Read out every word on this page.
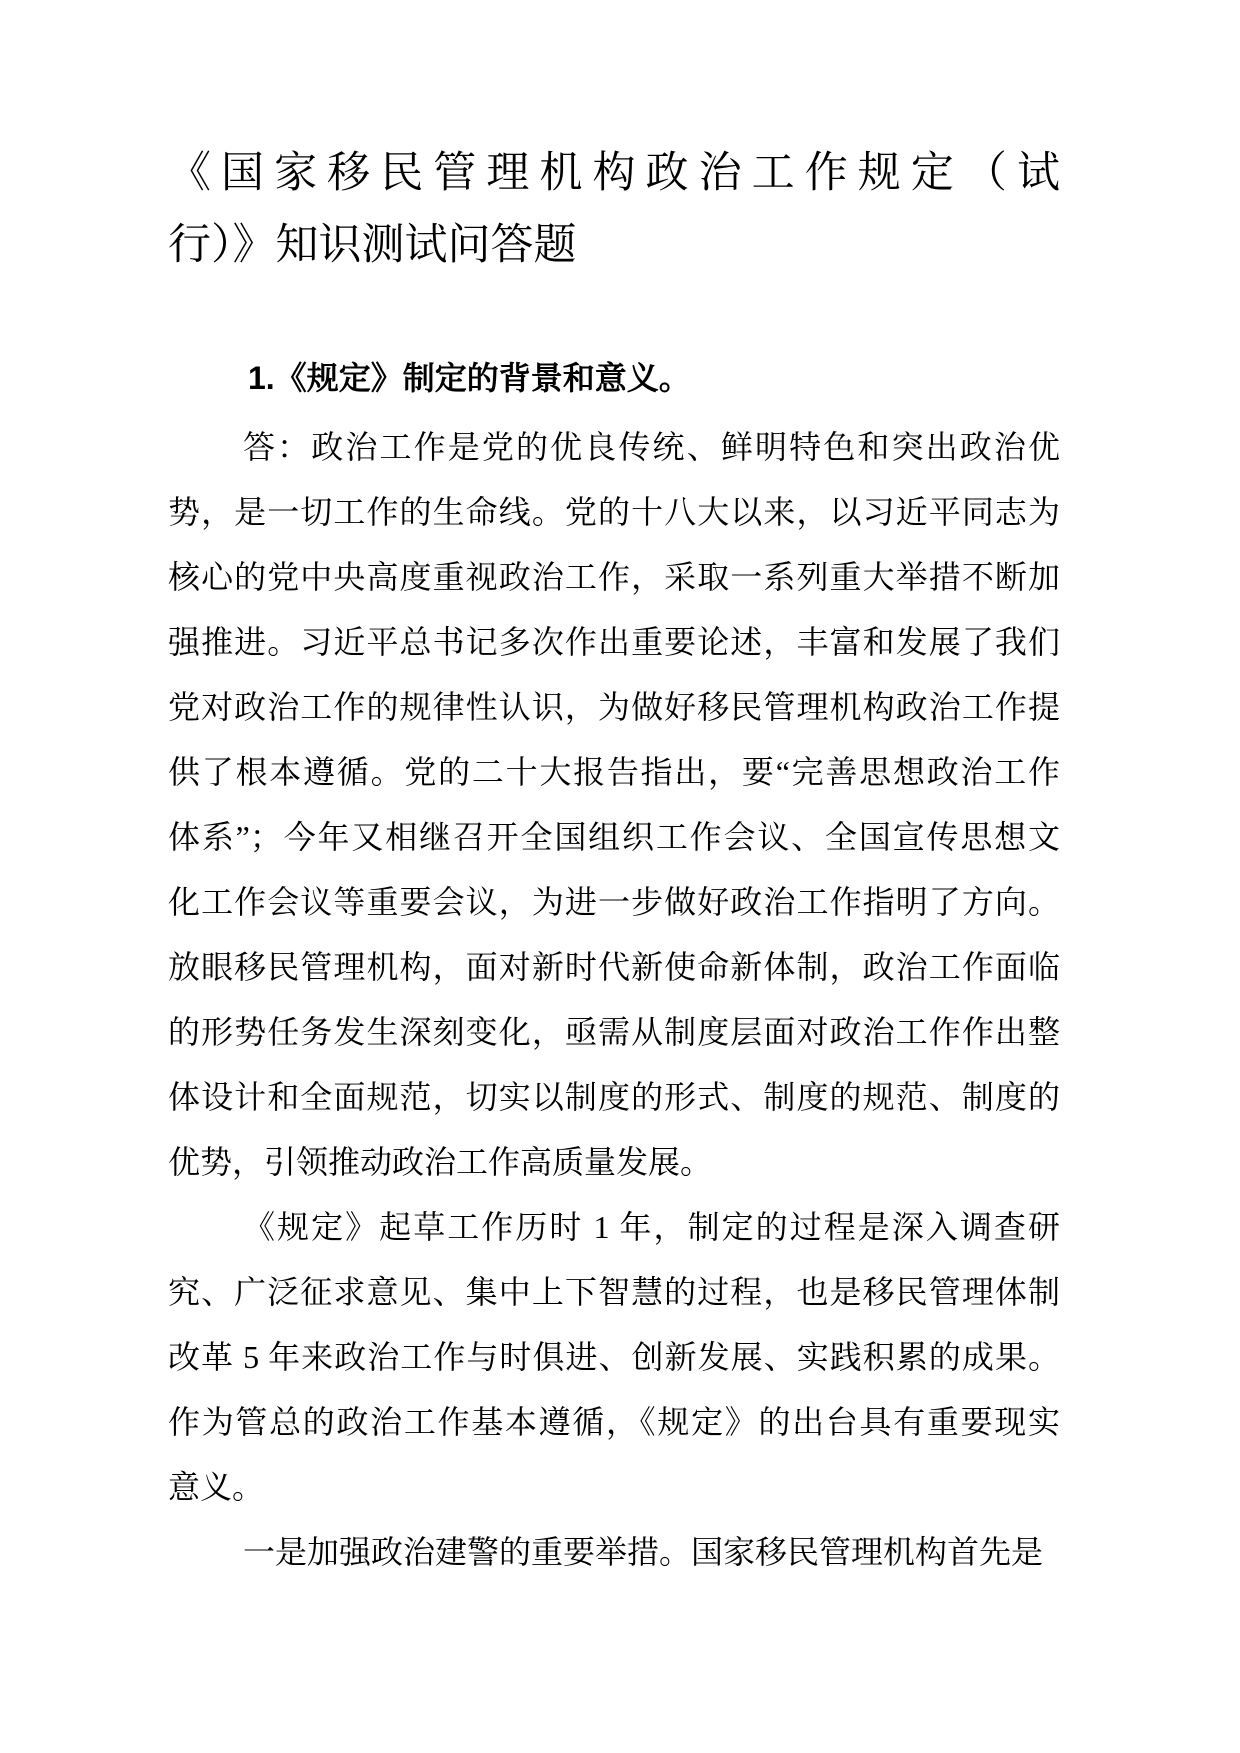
《国家移民管理机构政治工作规定（试
行）》知识测试问答题
1.《规定》制定的背景和意义。
答：政治工作是党的优良传统、鲜明特色和突出政治优
势，是一切工作的生命线。党的十八大以来，以习近平同志为
核心的党中央高度重视政治工作，采取一系列重大举措不断加
强推进。习近平总书记多次作出重要论述，丰富和发展了我们
党对政治工作的规律性认识，为做好移民管理机构政治工作提
供了根本遵循。党的二十大报告指出，要“完善思想政治工作
体系”；今年又相继召开全国组织工作会议、全国宣传思想文
化工作会议等重要会议，为进一步做好政治工作指明了方向。
放眼移民管理机构，面对新时代新使命新体制，政治工作面临
的形势任务发生深刻变化，亟需从制度层面对政治工作作出整
体设计和全面规范，切实以制度的形式、制度的规范、制度的
优势，引领推动政治工作高质量发展。
《规定》起草工作历时 1 年，制定的过程是深入调查研
究、广泛征求意见、集中上下智慧的过程，也是移民管理体制
改革 5 年来政治工作与时俱进、创新发展、实践积累的成果。
作为管总的政治工作基本遵循，《规定》的出台具有重要现实
意义。
一是加强政治建警的重要举措。国家移民管理机构首先是
